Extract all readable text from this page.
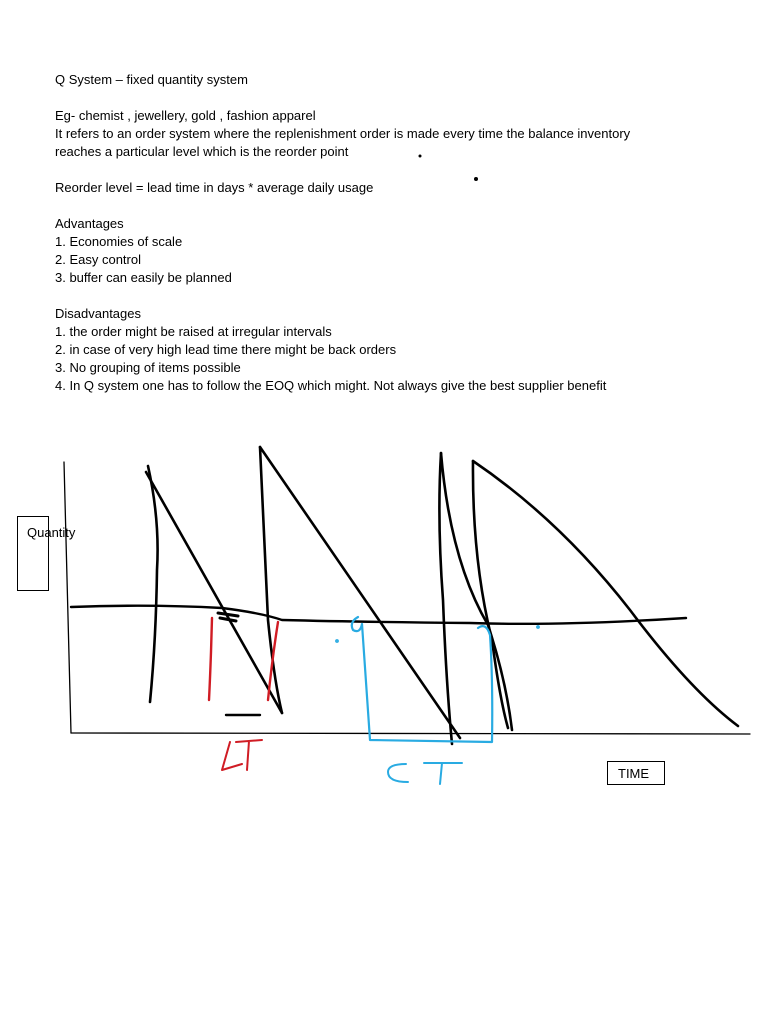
Q System – fixed quantity system

Eg- chemist , jewellery, gold , fashion apparel

It refers to an order system where the replenishment order is made every time the balance inventory

reaches a particular level which is the reorder point

Reorder level = lead time in days * average daily usage

Advantages

1. Economies of scale

2. Easy control

3. buffer can easily be planned

Disadvantages

1. the order might be raised at irregular intervals

2. in case of very high lead time there might be back orders

3. No grouping of items possible

4. In Q system one has to follow the EOQ which might. Not always give the best supplier benefit

Quantity
TIME
